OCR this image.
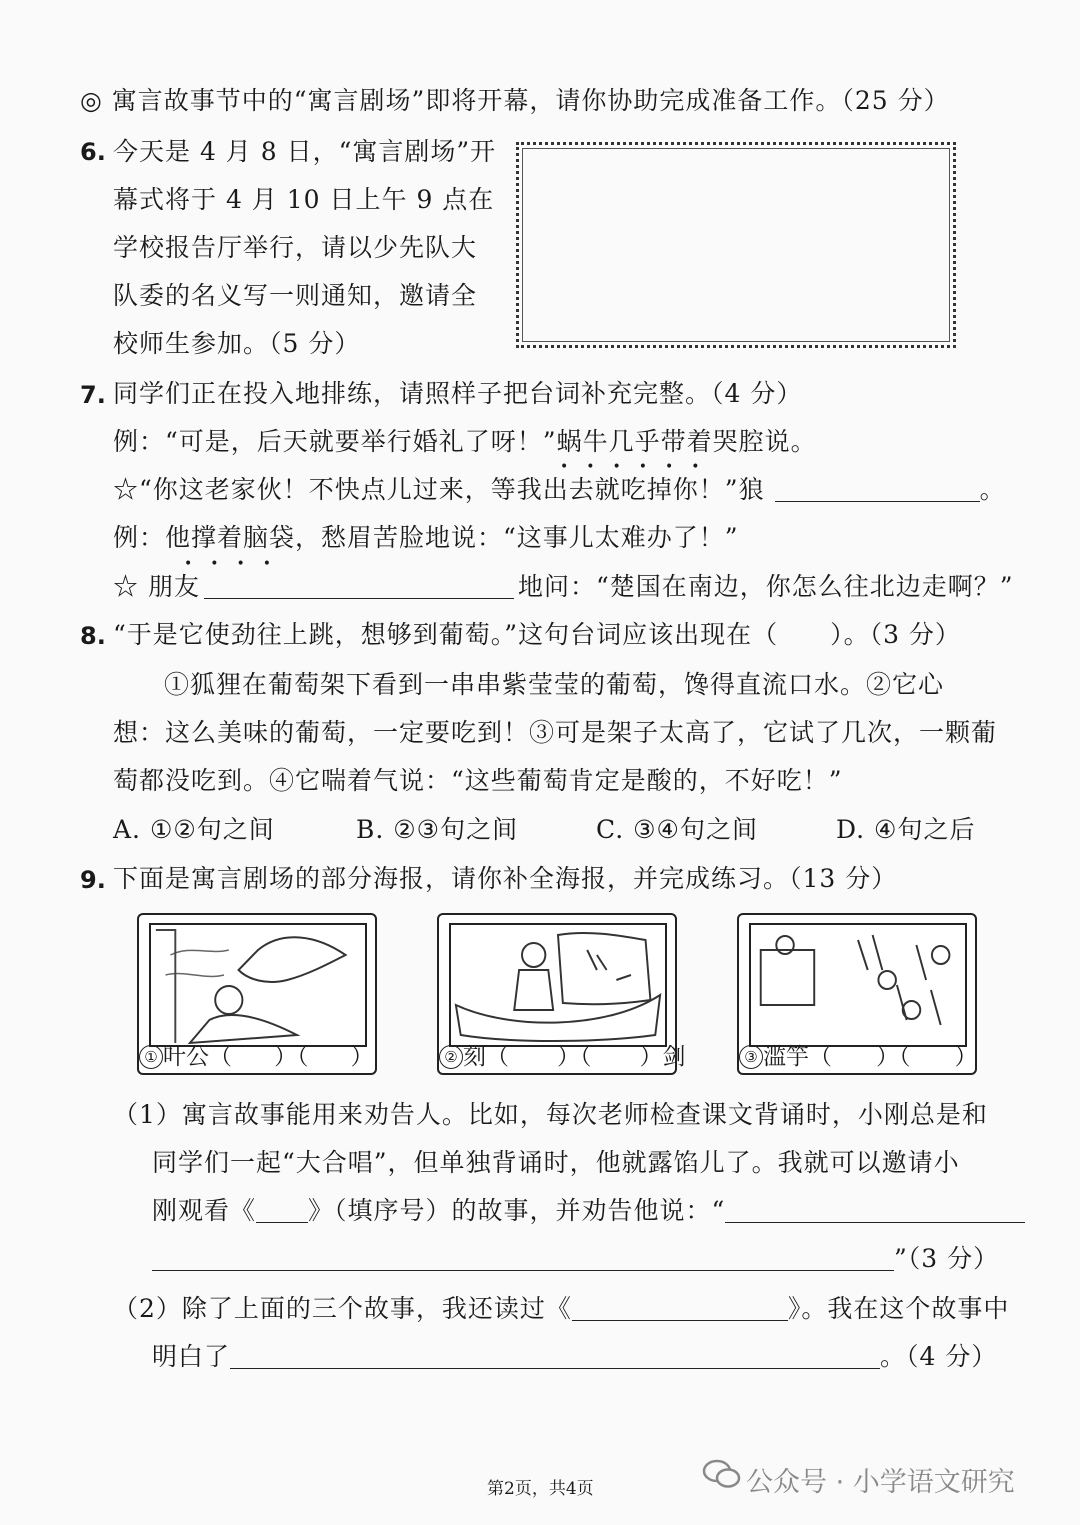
◎ 寓言故事节中的“寓言剧场”即将开幕，请你协助完成准备工作。（25 分）
6. 今天是 4 月 8 日，“寓言剧场”开
幕式将于 4 月 10 日上午 9 点在
学校报告厅举行，请以少先队大
队委的名义写一则通知，邀请全
校师生参加。（5 分）
7. 同学们正在投入地排练，请照样子把台词补充完整。（4 分）
例：“可是，后天就要举行婚礼了呀！”蜗牛几乎带着哭腔说。
••••••
☆“你这老家伙！不快点儿过来，等我出去就吃掉你！”狼	。
例：他撑着脑袋，愁眉苦脸地说：“这事儿太难办了！”
••••
☆ 朋友	地问：“楚国在南边，你怎么往北边走啊？”
8. “于是它使劲往上跳，想够到葡萄。”这句台词应该出现在（　　）。（3 分）
①狐狸在葡萄架下看到一串串紫莹莹的葡萄，馋得直流口水。②它心
想：这么美味的葡萄，一定要吃到！③可是架子太高了，它试了几次，一颗葡
萄都没吃到。④它喘着气说：“这些葡萄肯定是酸的，不好吃！”
A. ①②句之间	B. ②③句之间	C. ③④句之间	D. ④句之后
9. 下面是寓言剧场的部分海报，请你补全海报，并完成练习。（13 分）
① 叶公（ ）（ ）	② 刻（ ）（ ）剑	③ 滥竽（ ）（ ）
（1）寓言故事能用来劝告人。比如，每次老师检查课文背诵时，小刚总是和
同学们一起“大合唱”，但单独背诵时，他就露馅儿了。我就可以邀请小
刚观看《 》（填序号）的故事，并劝告他说：“
”（3 分）
（2）除了上面的三个故事，我还读过《	》。我在这个故事中
明白了	。（4 分）
第2页，共4页	公众号 · 小学语文研究
